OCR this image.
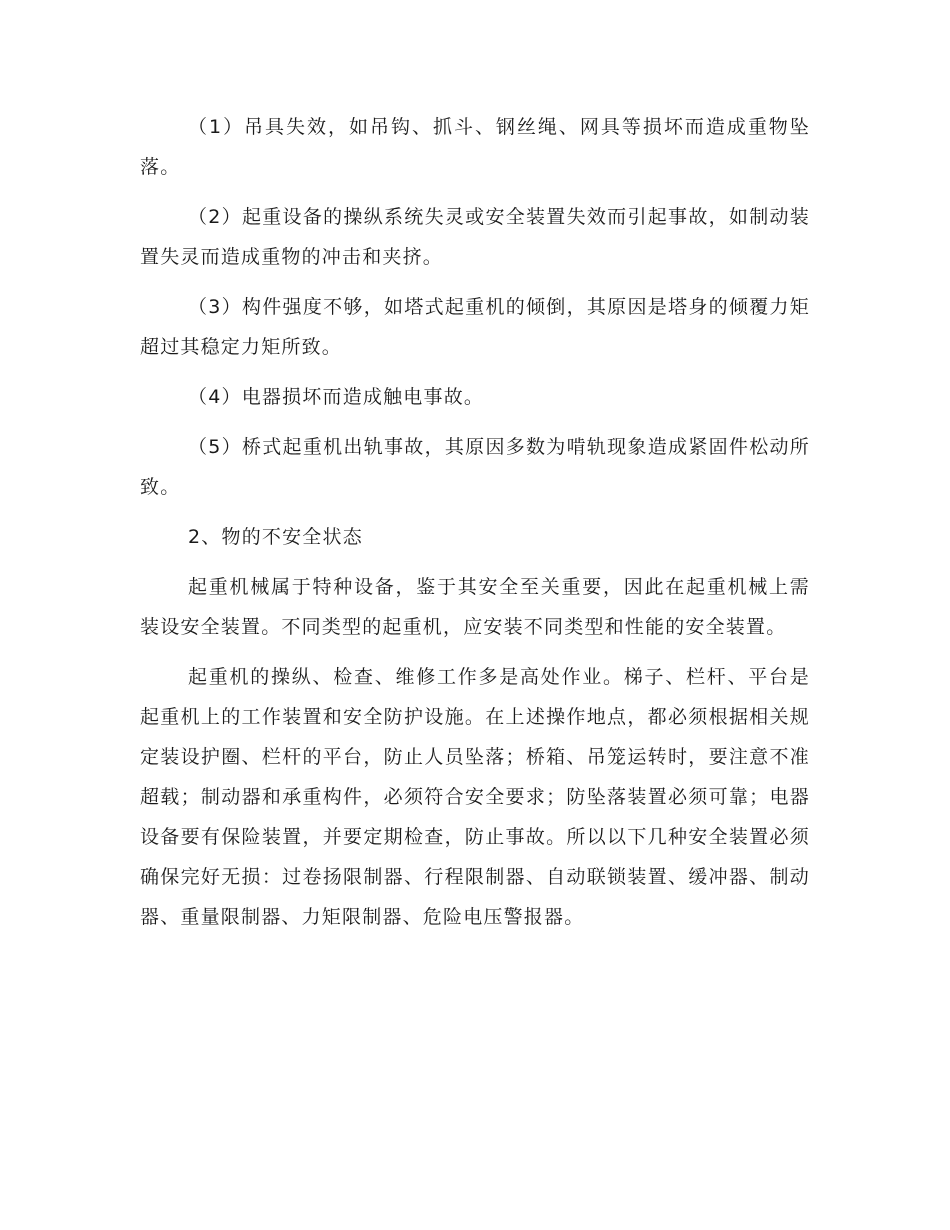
（1）吊具失效，如吊钩、抓斗、钢丝绳、网具等损坏而造成重物坠落。

（2）起重设备的操纵系统失灵或安全装置失效而引起事故，如制动装置失灵而造成重物的冲击和夹挤。

（3）构件强度不够，如塔式起重机的倾倒，其原因是塔身的倾覆力矩超过其稳定力矩所致。

（4）电器损坏而造成触电事故。

（5）桥式起重机出轨事故，其原因多数为啃轨现象造成紧固件松动所致。

2、物的不安全状态

起重机械属于特种设备，鉴于其安全至关重要，因此在起重机械上需装设安全装置。不同类型的起重机，应安装不同类型和性能的安全装置。

起重机的操纵、检查、维修工作多是高处作业。梯子、栏杆、平台是起重机上的工作装置和安全防护设施。在上述操作地点，都必须根据相关规定装设护圈、栏杆的平台，防止人员坠落；桥箱、吊笼运转时，要注意不准超载；制动器和承重构件，必须符合安全要求；防坠落装置必须可靠；电器设备要有保险装置，并要定期检查，防止事故。所以以下几种安全装置必须确保完好无损：过卷扬限制器、行程限制器、自动联锁装置、缓冲器、制动器、重量限制器、力矩限制器、危险电压警报器。
